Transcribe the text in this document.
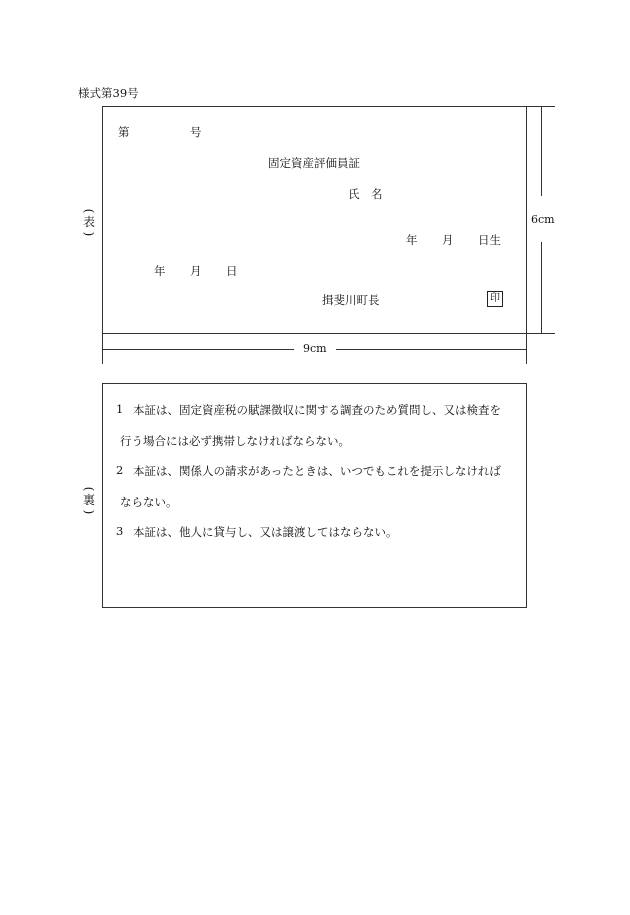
様式第39号
(
表
)
第	号
固定資産評価員証
氏　名
年 月 日生
年 月 日
揖斐川町長	印
6cm
9cm
(
裏
)
1 本証は、固定資産税の賦課徴収に関する調査のため質問し、又は検査を
行う場合には必ず携帯しなければならない。
2 本証は、関係人の請求があったときは、いつでもこれを提示しなければ
ならない。
3 本証は、他人に貸与し、又は譲渡してはならない。
